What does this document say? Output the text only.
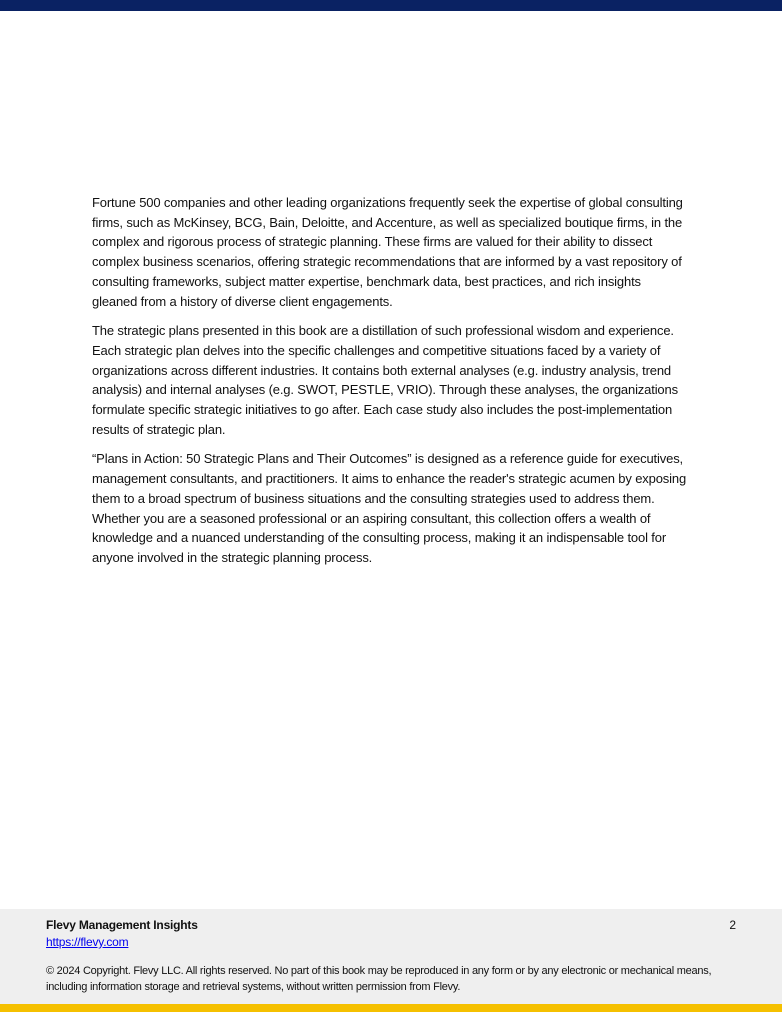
Fortune 500 companies and other leading organizations frequently seek the expertise of global consulting firms, such as McKinsey, BCG, Bain, Deloitte, and Accenture, as well as specialized boutique firms, in the complex and rigorous process of strategic planning. These firms are valued for their ability to dissect complex business scenarios, offering strategic recommendations that are informed by a vast repository of consulting frameworks, subject matter expertise, benchmark data, best practices, and rich insights gleaned from a history of diverse client engagements.

The strategic plans presented in this book are a distillation of such professional wisdom and experience. Each strategic plan delves into the specific challenges and competitive situations faced by a variety of organizations across different industries. It contains both external analyses (e.g. industry analysis, trend analysis) and internal analyses (e.g. SWOT, PESTLE, VRIO). Through these analyses, the organizations formulate specific strategic initiatives to go after. Each case study also includes the post-implementation results of strategic plan.

“Plans in Action: 50 Strategic Plans and Their Outcomes” is designed as a reference guide for executives, management consultants, and practitioners. It aims to enhance the reader's strategic acumen by exposing them to a broad spectrum of business situations and the consulting strategies used to address them. Whether you are a seasoned professional or an aspiring consultant, this collection offers a wealth of knowledge and a nuanced understanding of the consulting process, making it an indispensable tool for anyone involved in the strategic planning process.

Flevy Management Insights	2
https://flevy.com
© 2024 Copyright. Flevy LLC. All rights reserved. No part of this book may be reproduced in any form or by any electronic or mechanical means, including information storage and retrieval systems, without written permission from Flevy.
